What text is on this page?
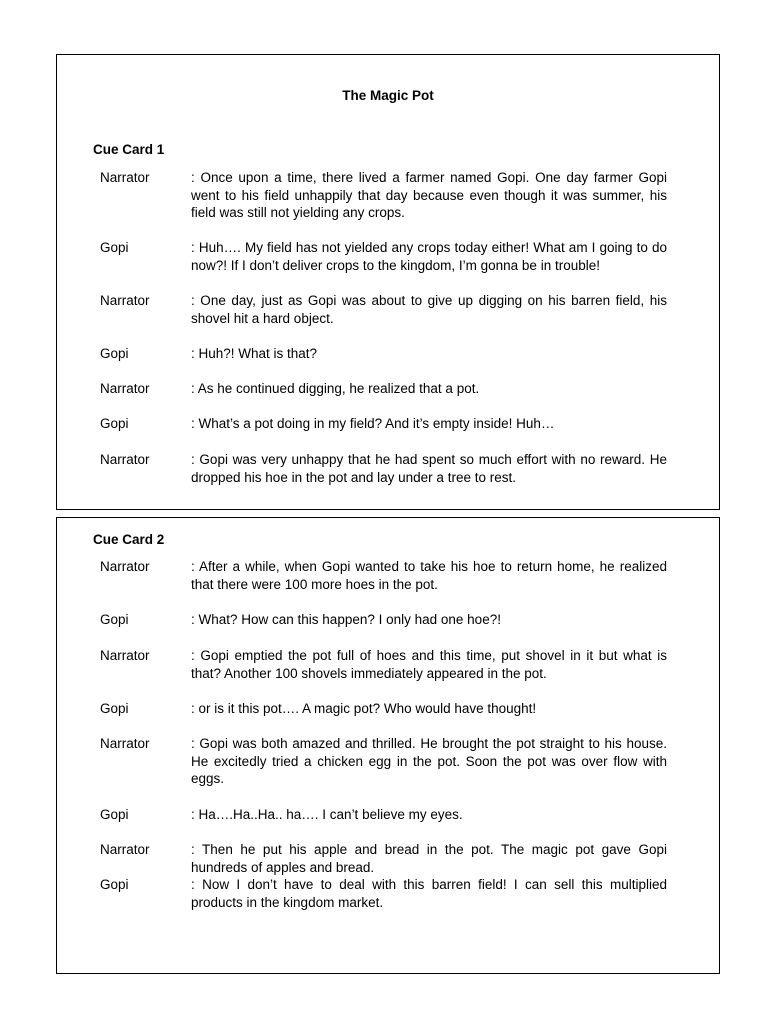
The Magic Pot
Cue Card 1
Narrator	: Once upon a time, there lived a farmer named Gopi. One day farmer Gopi went to his field unhappily that day because even though it was summer, his field was still not yielding any crops.
Gopi	: Huh…. My field has not yielded any crops today either! What am I going to do now?! If I don’t deliver crops to the kingdom, I’m gonna be in trouble!
Narrator	: One day, just as Gopi was about to give up digging on his barren field, his shovel hit a hard object.
Gopi	: Huh?! What is that?
Narrator	: As he continued digging, he realized that a pot.
Gopi	: What’s a pot doing in my field? And it’s empty inside! Huh…
Narrator	: Gopi was very unhappy that he had spent so much effort with no reward. He dropped his hoe in the pot and lay under a tree to rest.
Cue Card 2
Narrator	: After a while, when Gopi wanted to take his hoe to return home, he realized that there were 100 more hoes in the pot.
Gopi	: What? How can this happen? I only had one hoe?!
Narrator	: Gopi emptied the pot full of hoes and this time, put shovel in it but what is that? Another 100 shovels immediately appeared in the pot.
Gopi	: or is it this pot…. A magic pot? Who would have thought!
Narrator	: Gopi was both amazed and thrilled. He brought the pot straight to his house. He excitedly tried a chicken egg in the pot. Soon the pot was over flow with eggs.
Gopi	: Ha….Ha..Ha.. ha…. I can’t believe my eyes.
Narrator	: Then he put his apple and bread in the pot. The magic pot gave Gopi hundreds of apples and bread.
Gopi	: Now I don’t have to deal with this barren field! I can sell this multiplied products in the kingdom market.
